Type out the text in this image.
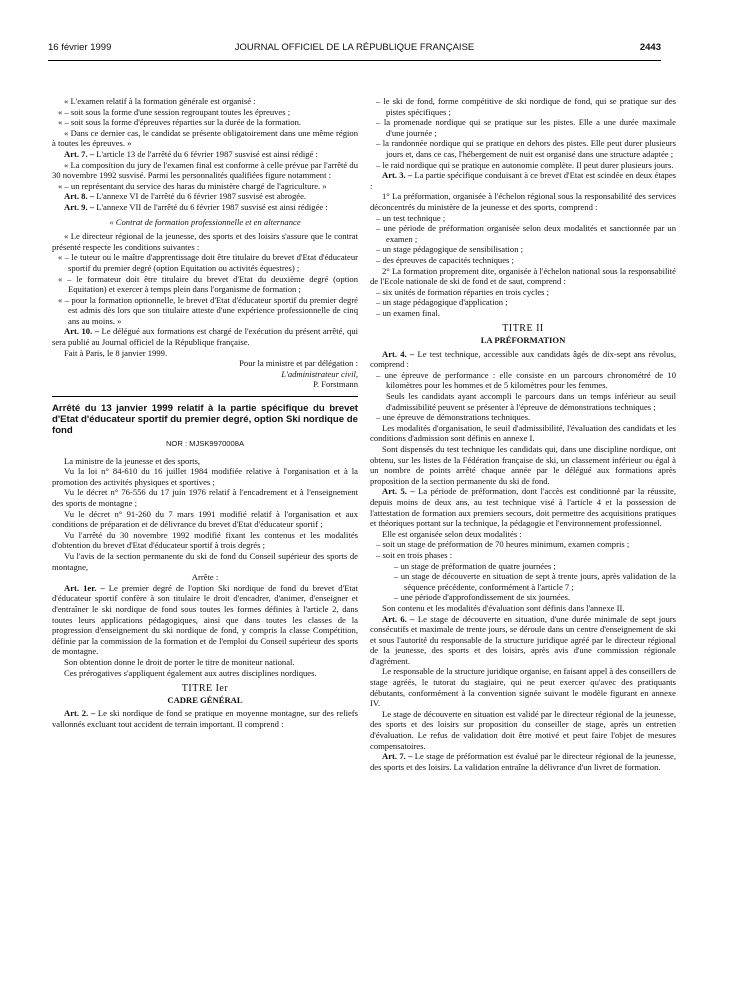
16 février 1999	JOURNAL OFFICIEL DE LA RÉPUBLIQUE FRANÇAISE	2443

« L'examen relatif à la formation générale est organisé :

« – soit sous la forme d'une session regroupant toutes les épreuves ;

« – soit sous la forme d'épreuves réparties sur la durée de la formation.

« Dans ce dernier cas, le candidat se présente obligatoirement dans une même région à toutes les épreuves. »

Art. 7. – L'article 13 de l'arrêté du 6 février 1987 susvisé est ainsi rédigé :

« La composition du jury de l'examen final est conforme à celle prévue par l'arrêté du 30 novembre 1992 susvisé. Parmi les personnalités qualifiées figure notamment :

« – un représentant du service des haras du ministère chargé de l'agriculture. »

Art. 8. – L'annexe VI de l'arrêté du 6 février 1987 susvisé est abrogée.

Art. 9. – L'annexe VII de l'arrêté du 6 février 1987 susvisé est ainsi rédigée :

« Contrat de formation professionnelle et en alternance

« Le directeur régional de la jeunesse, des sports et des loisirs s'assure que le contrat présenté respecte les conditions suivantes :

« – le tuteur ou le maître d'apprentissage doit être titulaire du brevet d'Etat d'éducateur sportif du premier degré (option Equitation ou activités équestres) ;

« – le formateur doit être titulaire du brevet d'Etat du deuxième degré (option Equitation) et exercer à temps plein dans l'organisme de formation ;

« – pour la formation optionnelle, le brevet d'Etat d'éducateur sportif du premier degré est admis dès lors que son titulaire atteste d'une expérience professionnelle de cinq ans au moins. »

Art. 10. – Le délégué aux formations est chargé de l'exécution du présent arrêté, qui sera publié au Journal officiel de la République française.

Fait à Paris, le 8 janvier 1999.

Pour la ministre et par délégation :

L'administrateur civil,

P. Forstmann

Arrêté du 13 janvier 1999 relatif à la partie spécifique du brevet d'Etat d'éducateur sportif du premier degré, option Ski nordique de fond

NOR : MJSK9970008A

La ministre de la jeunesse et des sports,

Vu la loi n° 84-610 du 16 juillet 1984 modifiée relative à l'organisation et à la promotion des activités physiques et sportives ;

Vu le décret n° 76-556 du 17 juin 1976 relatif à l'encadrement et à l'enseignement des sports de montagne ;

Vu le décret n° 91-260 du 7 mars 1991 modifié relatif à l'organisation et aux conditions de préparation et de délivrance du brevet d'Etat d'éducateur sportif ;

Vu l'arrêté du 30 novembre 1992 modifié fixant les contenus et les modalités d'obtention du brevet d'Etat d'éducateur sportif à trois degrés ;

Vu l'avis de la section permanente du ski de fond du Conseil supérieur des sports de montagne,

Arrête :

Art. 1er. – Le premier degré de l'option Ski nordique de fond du brevet d'Etat d'éducateur sportif confère à son titulaire le droit d'encadrer, d'animer, d'enseigner et d'entraîner le ski nordique de fond sous toutes les formes définies à l'article 2, dans toutes leurs applications pédagogiques, ainsi que dans toutes les classes de la progression d'enseignement du ski nordique de fond, y compris la classe Compétition, définie par la commission de la formation et de l'emploi du Conseil supérieur des sports de montagne.

Son obtention donne le droit de porter le titre de moniteur national.

Ces prérogatives s'appliquent également aux autres disciplines nordiques.

TITRE Ier

CADRE GÉNÉRAL

Art. 2. – Le ski nordique de fond se pratique en moyenne montagne, sur des reliefs vallonnés excluant tout accident de terrain important. Il comprend :

– le ski de fond, forme compétitive de ski nordique de fond, qui se pratique sur des pistes spécifiques ;

– la promenade nordique qui se pratique sur les pistes. Elle a une durée maximale d'une journée ;

– la randonnée nordique qui se pratique en dehors des pistes. Elle peut durer plusieurs jours et, dans ce cas, l'hébergement de nuit est organisé dans une structure adaptée ;

– le raid nordique qui se pratique en autonomie complète. Il peut durer plusieurs jours.

Art. 3. – La partie spécifique conduisant à ce brevet d'Etat est scindée en deux étapes :

1° La préformation, organisée à l'échelon régional sous la responsabilité des services déconcentrés du ministère de la jeunesse et des sports, comprend :

– un test technique ;

– une période de préformation organisée selon deux modalités et sanctionnée par un examen ;

– un stage pédagogique de sensibilisation ;

– des épreuves de capacités techniques ;

2° La formation proprement dite, organisée à l'échelon national sous la responsabilité de l'Ecole nationale de ski de fond et de saut, comprend :

– six unités de formation réparties en trois cycles ;

– un stage pédagogique d'application ;

– un examen final.

TITRE II

LA PRÉFORMATION

Art. 4. – Le test technique, accessible aux candidats âgés de dix-sept ans révolus, comprend :

– une épreuve de performance : elle consiste en un parcours chronométré de 10 kilomètres pour les hommes et de 5 kilomètres pour les femmes.

Seuls les candidats ayant accompli le parcours dans un temps inférieur au seuil d'admissibilité peuvent se présenter à l'épreuve de démonstrations techniques ;

– une épreuve de démonstrations techniques.

Les modalités d'organisation, le seuil d'admissibilité, l'évaluation des candidats et les conditions d'admission sont définis en annexe I.

Sont dispensés du test technique les candidats qui, dans une discipline nordique, ont obtenu, sur les listes de la Fédération française de ski, un classement inférieur ou égal à un nombre de points arrêté chaque année par le délégué aux formations après proposition de la section permanente du ski de fond.

Art. 5. – La période de préformation, dont l'accès est conditionné par la réussite, depuis moins de deux ans, au test technique visé à l'article 4 et la possession de l'attestation de formation aux premiers secours, doit permettre des acquisitions pratiques et théoriques portant sur la technique, la pédagogie et l'environnement professionnel.

Elle est organisée selon deux modalités :

– soit un stage de préformation de 70 heures minimum, examen compris ;

– soit en trois phases :

– un stage de préformation de quatre journées ;

– un stage de découverte en situation de sept à trente jours, après validation de la séquence précédente, conformément à l'article 7 ;

– une période d'approfondissement de six journées.

Son contenu et les modalités d'évaluation sont définis dans l'annexe II.

Art. 6. – Le stage de découverte en situation, d'une durée minimale de sept jours consécutifs et maximale de trente jours, se déroule dans un centre d'enseignement de ski et sous l'autorité du responsable de la structure juridique agréé par le directeur régional de la jeunesse, des sports et des loisirs, après avis d'une commission régionale d'agrément.

Le responsable de la structure juridique organise, en faisant appel à des conseillers de stage agréés, le tutorat du stagiaire, qui ne peut exercer qu'avec des pratiquants débutants, conformément à la convention signée suivant le modèle figurant en annexe IV.

Le stage de découverte en situation est validé par le directeur régional de la jeunesse, des sports et des loisirs sur proposition du conseiller de stage, après un entretien d'évaluation. Le refus de validation doit être motivé et peut faire l'objet de mesures compensatoires.

Art. 7. – Le stage de préformation est évalué par le directeur régional de la jeunesse, des sports et des loisirs. La validation entraîne la délivrance d'un livret de formation.
